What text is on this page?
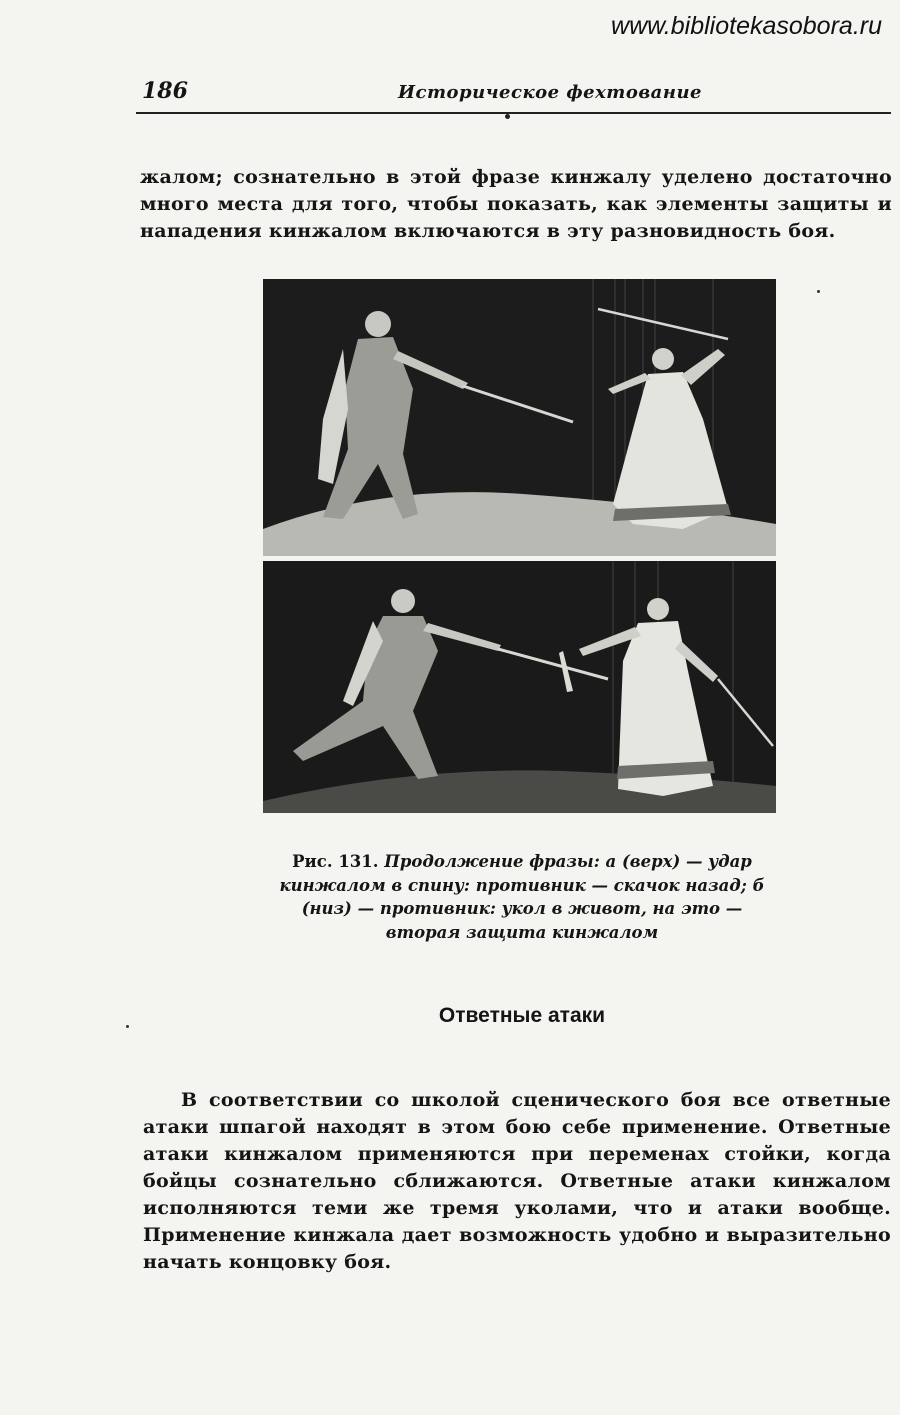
www.bibliotekasobora.ru
186	Историческое фехтование

жалом; сознательно в этой фразе кинжалу уделено достаточно много места для того, чтобы показать, как элементы защиты и нападения кинжалом включаются в эту разновидность боя.

Рис. 131. Продолжение фразы: а (верх) — удар кинжалом в спину: противник — скачок назад; б (низ) — противник: укол в живот, на это — вторая защита кинжалом
Ответные атаки

В соответствии со школой сценического боя все ответные атаки шпагой находят в этом бою себе применение. Ответные атаки кинжалом применяются при переменах стойки, когда бойцы сознательно сближаются. Ответные атаки кинжалом исполняются теми же тремя уколами, что и атаки вообще. Применение кинжала дает возможность удобно и выразительно начать концовку боя.
